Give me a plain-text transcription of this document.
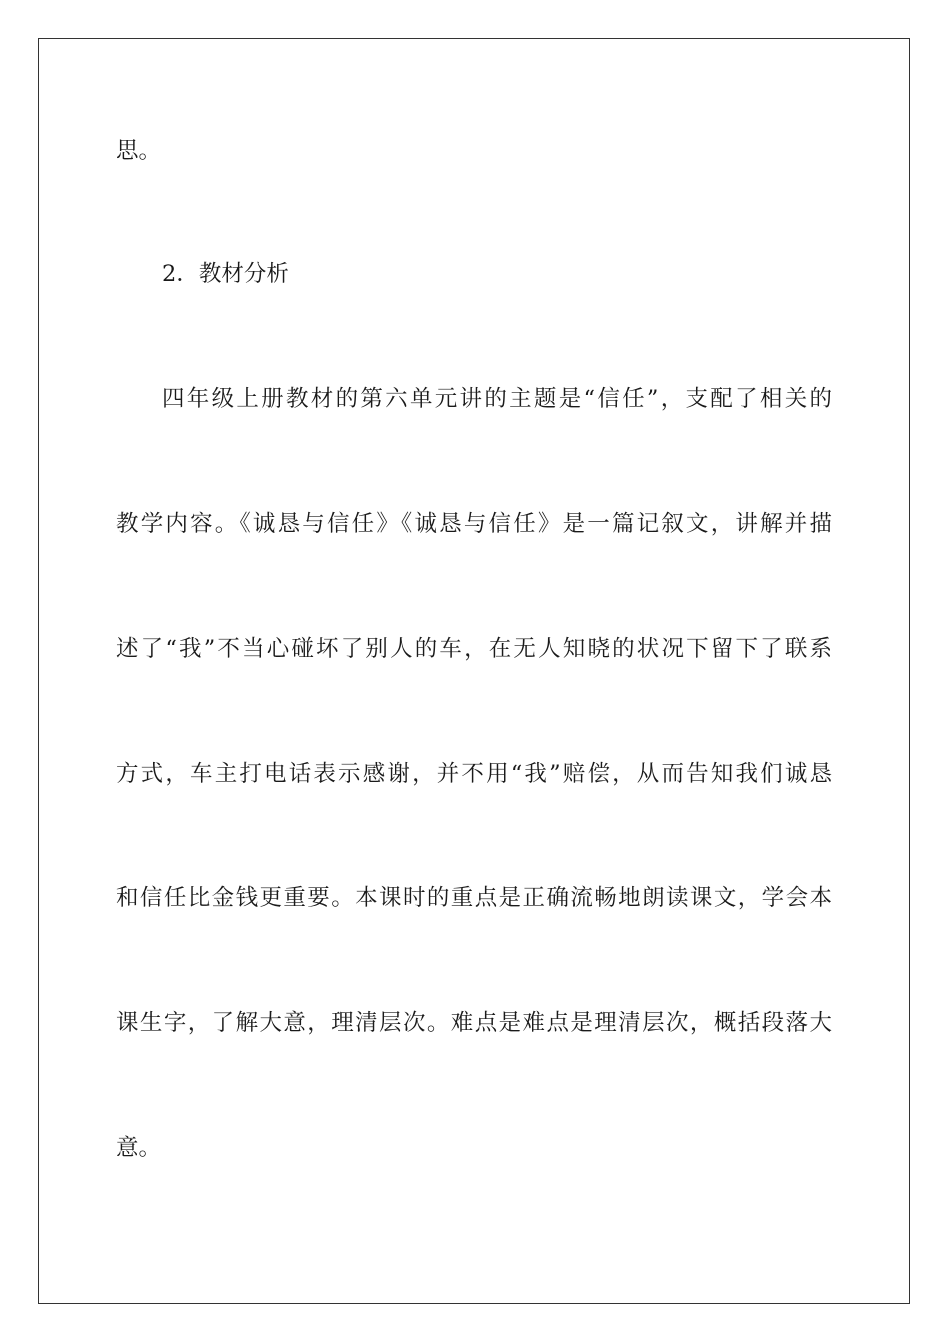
思。

2．教材分析

四年级上册教材的第六单元讲的主题是“信任”，支配了相关的

教学内容。《诚恳与信任》《诚恳与信任》是一篇记叙文，讲解并描

述了“我”不当心碰坏了别人的车，在无人知晓的状况下留下了联系

方式，车主打电话表示感谢，并不用“我”赔偿，从而告知我们诚恳

和信任比金钱更重要。本课时的重点是正确流畅地朗读课文，学会本

课生字，了解大意，理清层次。难点是难点是理清层次，概括段落大

意。
